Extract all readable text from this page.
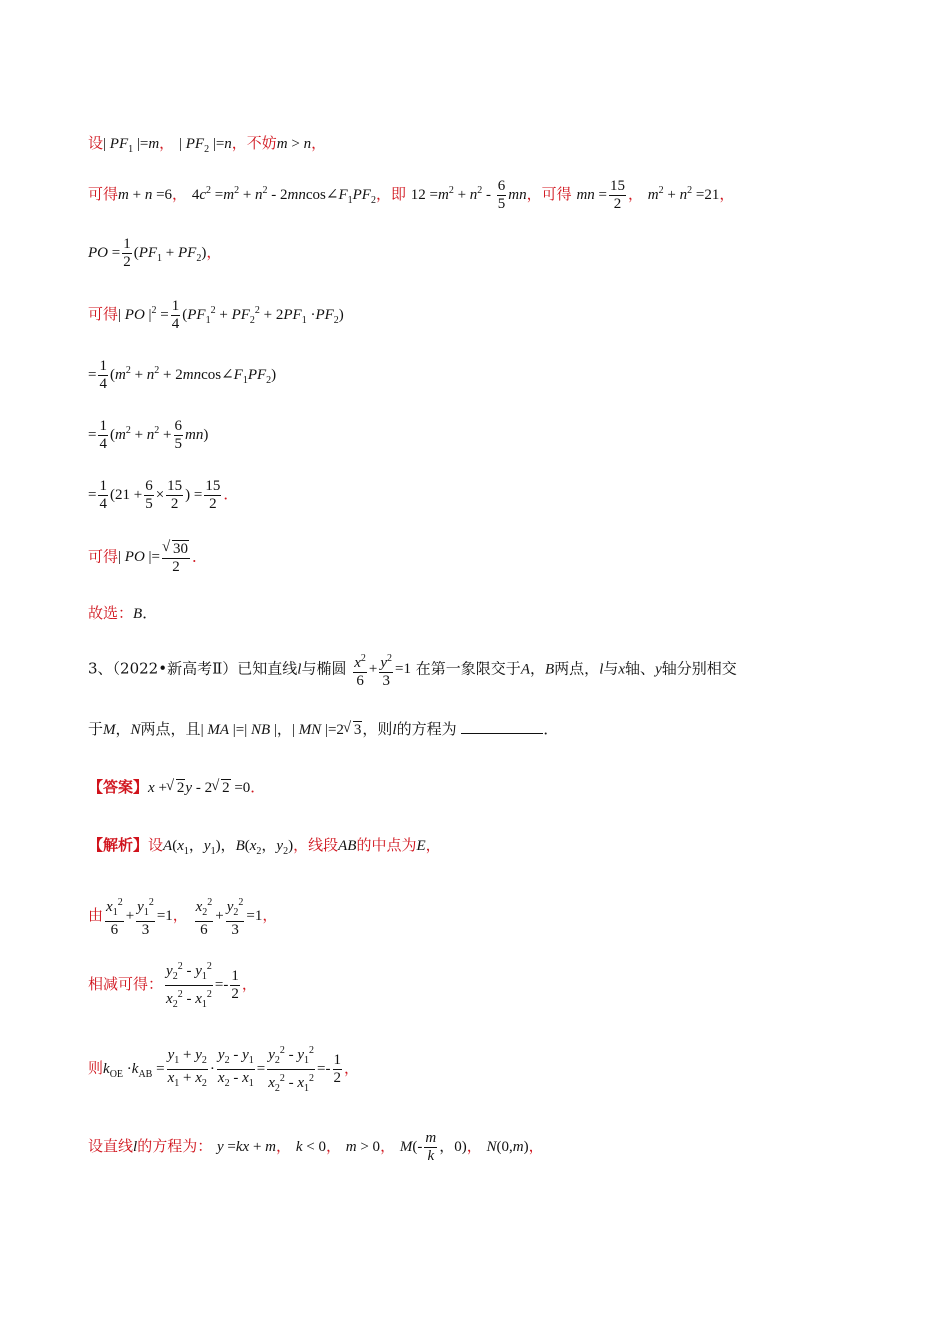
设| $PF_1$ |=m， | $PF_2$ |=n，不妨m > n，
可得m + n =6， $4c^2 =m^2 + n^2$ - $2mncos\angle F_1PF_2$，即 $12 =m^2 + n^2 - \frac{6}{5}$ mn，可得 mn = $\frac{15}{2}$ ， $m^2 + n^2 =21$，
PO = $\frac{1}{2} (PF_1 + PF_2)$，
可得| PO $|^2 = \frac{1}{4} (PF_1^2 + PF_2^2 + 2PF_1 \cdot PF_2)$
= $\frac{1}{4} (m^2 + n^2$ + $2mncos\angle F_1PF_2$)
= $\frac{1}{4} (m^2 + n^2 + \frac{6}{5} mn)$
= $\frac{1}{4} (21 + \frac{6}{5} \times \frac{15}{2}$ ) = $\frac{15}{2}$ ．
可得| PO |= √ $\frac{30}{2}$ ．
故选：B．
3、（2022•新高考Ⅱ）已知直线l与椭圆 $\frac{x^2}{6} + \frac{y^2}{3} =1$ 在第一象限交于A，B两点，l与x轴、y轴分别相交
于M，N两点，且| MA |=| NB |，| MN |=2 √ 3，则l的方程为	．
【答案】x + √ 2y - 2 √ 2 =0．
【解析】设$A(x_1$，$y_1$)，$B(x_2$，$y_2$)，线段AB的中点为E，
由 $\frac{x_1^2}{6} + \frac{y_1^2}{3} =1$， $\frac{x_2^2}{6} + \frac{y_2^2}{3} =1$，
相减可得： $\frac{y_2^2 - y_1^2}{x_2^2 - x_1^2} =- \frac{1}{2}$ ，
则$k_{OE} \cdot k_{AB} = \frac{y_1 + y_2}{x_1 + x_2} \cdot \frac{y_2 - y_1}{x_2 - x_1} = \frac{y_2^2 - y_1^2}{x_2^2 - x_1^2} =- \frac{1}{2}$ ，
设直线l的方程为： y =kx + m， k < 0， m > 0， $M(- \frac{m}{k}$ ，0)， N(0,m)，
